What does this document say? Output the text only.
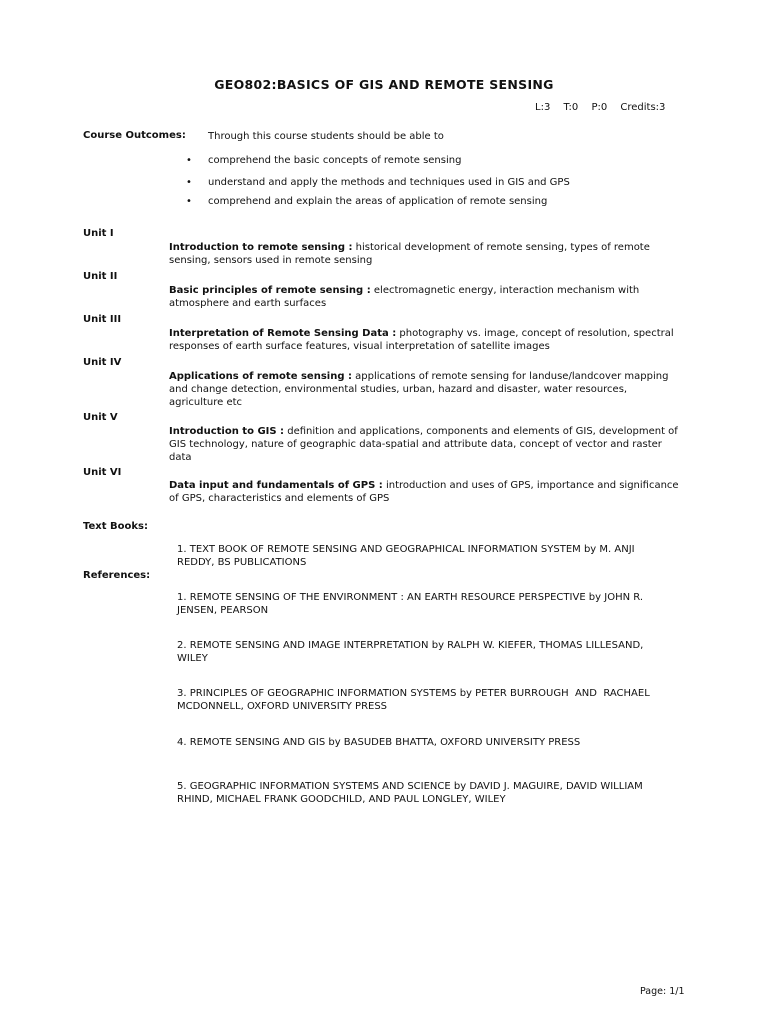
GEO802:BASICS OF GIS AND REMOTE SENSING
L:3 T:0 P:0 Credits:3
Course Outcomes: Through this course students should be able to
• comprehend the basic concepts of remote sensing
• understand and apply the methods and techniques used in GIS and GPS
• comprehend and explain the areas of application of remote sensing
Unit I
Introduction to remote sensing : historical development of remote sensing, types of remote
sensing, sensors used in remote sensing
Unit II
Basic principles of remote sensing : electromagnetic energy, interaction mechanism with
atmosphere and earth surfaces
Unit III
Interpretation of Remote Sensing Data : photography vs. image, concept of resolution, spectral
responses of earth surface features, visual interpretation of satellite images
Unit IV
Applications of remote sensing : applications of remote sensing for landuse/landcover mapping
and change detection, environmental studies, urban, hazard and disaster, water resources,
agriculture etc
Unit V
Introduction to GIS : definition and applications, components and elements of GIS, development of
GIS technology, nature of geographic data-spatial and attribute data, concept of vector and raster
data
Unit VI
Data input and fundamentals of GPS : introduction and uses of GPS, importance and significance
of GPS, characteristics and elements of GPS
Text Books:
1. TEXT BOOK OF REMOTE SENSING AND GEOGRAPHICAL INFORMATION SYSTEM by M. ANJI
REDDY, BS PUBLICATIONS
References:
1. REMOTE SENSING OF THE ENVIRONMENT : AN EARTH RESOURCE PERSPECTIVE by JOHN R.
JENSEN, PEARSON
2. REMOTE SENSING AND IMAGE INTERPRETATION by RALPH W. KIEFER, THOMAS LILLESAND,
WILEY
3. PRINCIPLES OF GEOGRAPHIC INFORMATION SYSTEMS by PETER BURROUGH  AND  RACHAEL
MCDONNELL, OXFORD UNIVERSITY PRESS
4. REMOTE SENSING AND GIS by BASUDEB BHATTA, OXFORD UNIVERSITY PRESS
5. GEOGRAPHIC INFORMATION SYSTEMS AND SCIENCE by DAVID J. MAGUIRE, DAVID WILLIAM
RHIND, MICHAEL FRANK GOODCHILD, AND PAUL LONGLEY, WILEY
Page: 1/1
